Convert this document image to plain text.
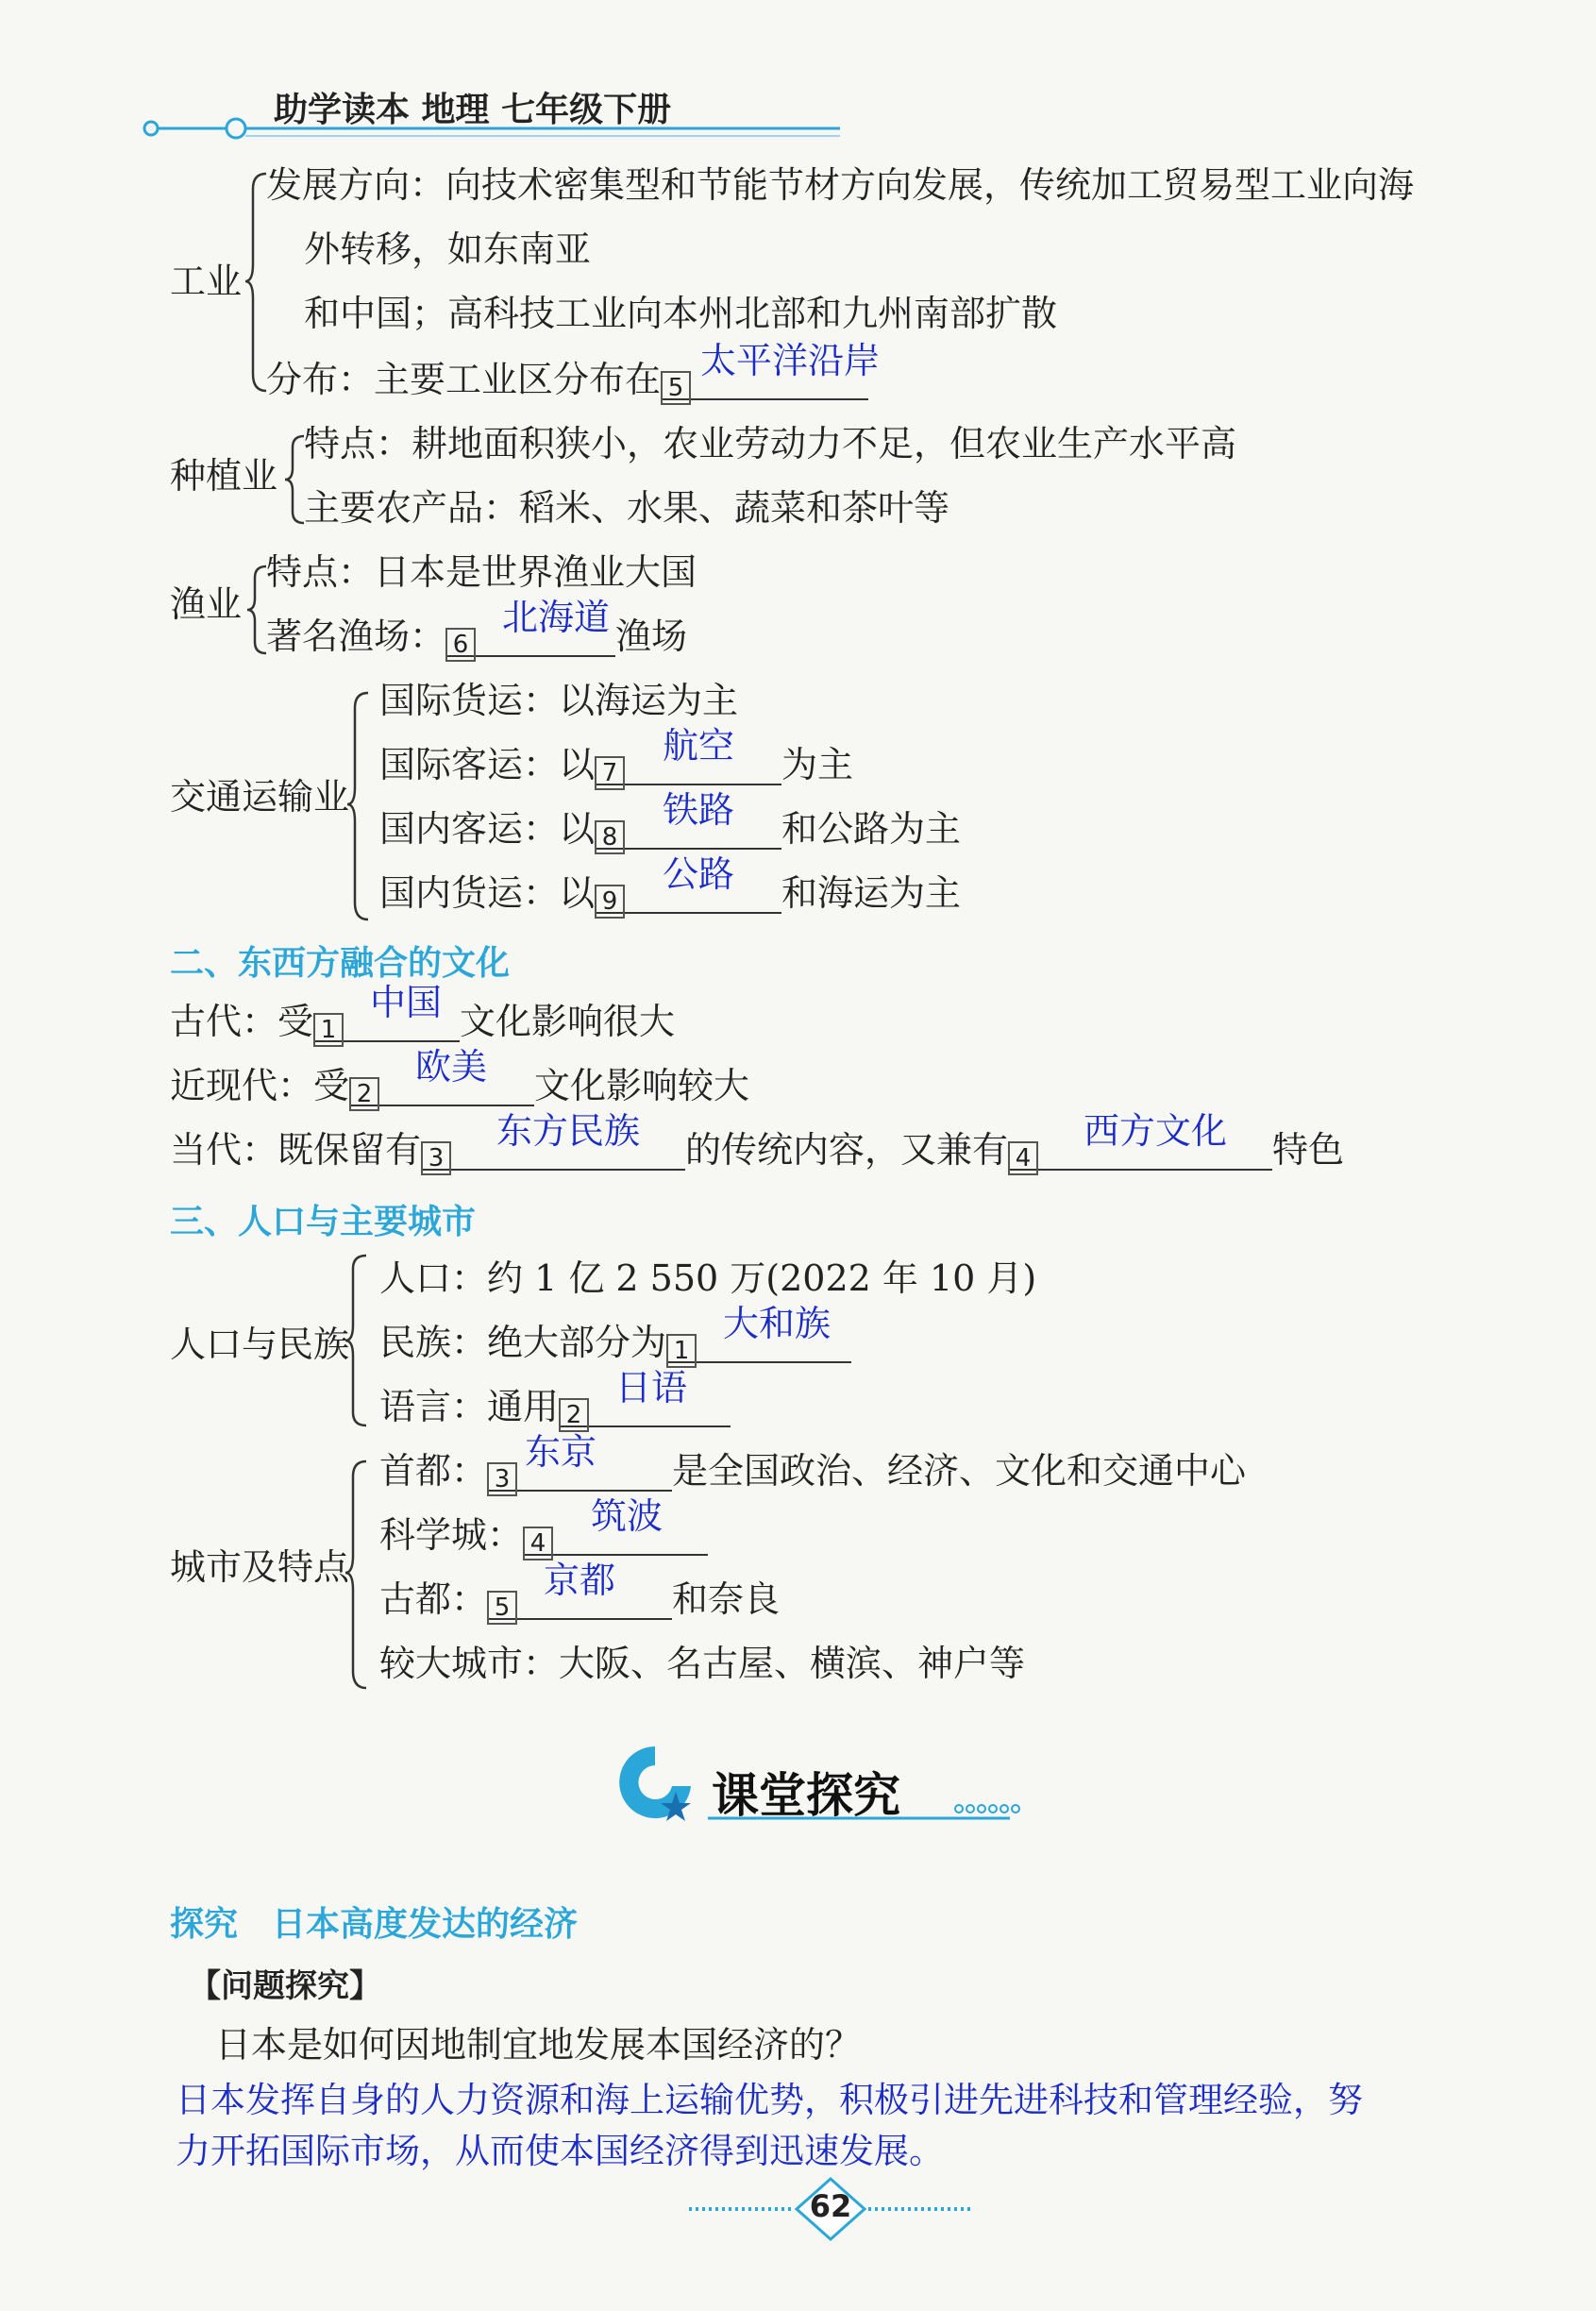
助学读本 地理 七年级下册
工业
发展方向：向技术密集型和节能节材方向发展，传统加工贸易型工业向海
外转移，如东南亚
和中国；高科技工业向本州北部和九州南部扩散
分布：主要工业区分布在 5
太平洋沿岸
种植业
特点：耕地面积狭小，农业劳动力不足，但农业生产水平高
主要农产品：稻米、水果、蔬菜和茶叶等
渔业
特点：日本是世界渔业大国
著名渔场： 6
北海道 渔场
交通运输业
国际货运：以海运为主
国际客运：以 7
航空 为主
国内客运：以 8
铁路 和公路为主
国内货运：以 9
公路 和海运为主
二、东西方融合的文化
古代：受 1
中国 文化影响很大
近现代：受 2
欧美 文化影响较大
当代：既保留有 3
东方民族 的传统内容，又兼有 4
西方文化 特色
三、人口与主要城市
人口与民族
人口：约 1 亿 2 550 万(2022 年 10 月)
民族：绝大部分为 1
大和族
语言：通用 2
日语
城市及特点
首都： 3
东京 是全国政治、经济、文化和交通中心
科学城： 4
筑波
古都： 5
京都 和奈良
较大城市：大阪、名古屋、横滨、神户等
课堂探究
探究　日本高度发达的经济
【问题探究】
日本是如何因地制宜地发展本国经济的？
日本发挥自身的人力资源和海上运输优势，积极引进先进科技和管理经验，努
力开拓国际市场，从而使本国经济得到迅速发展。
62
